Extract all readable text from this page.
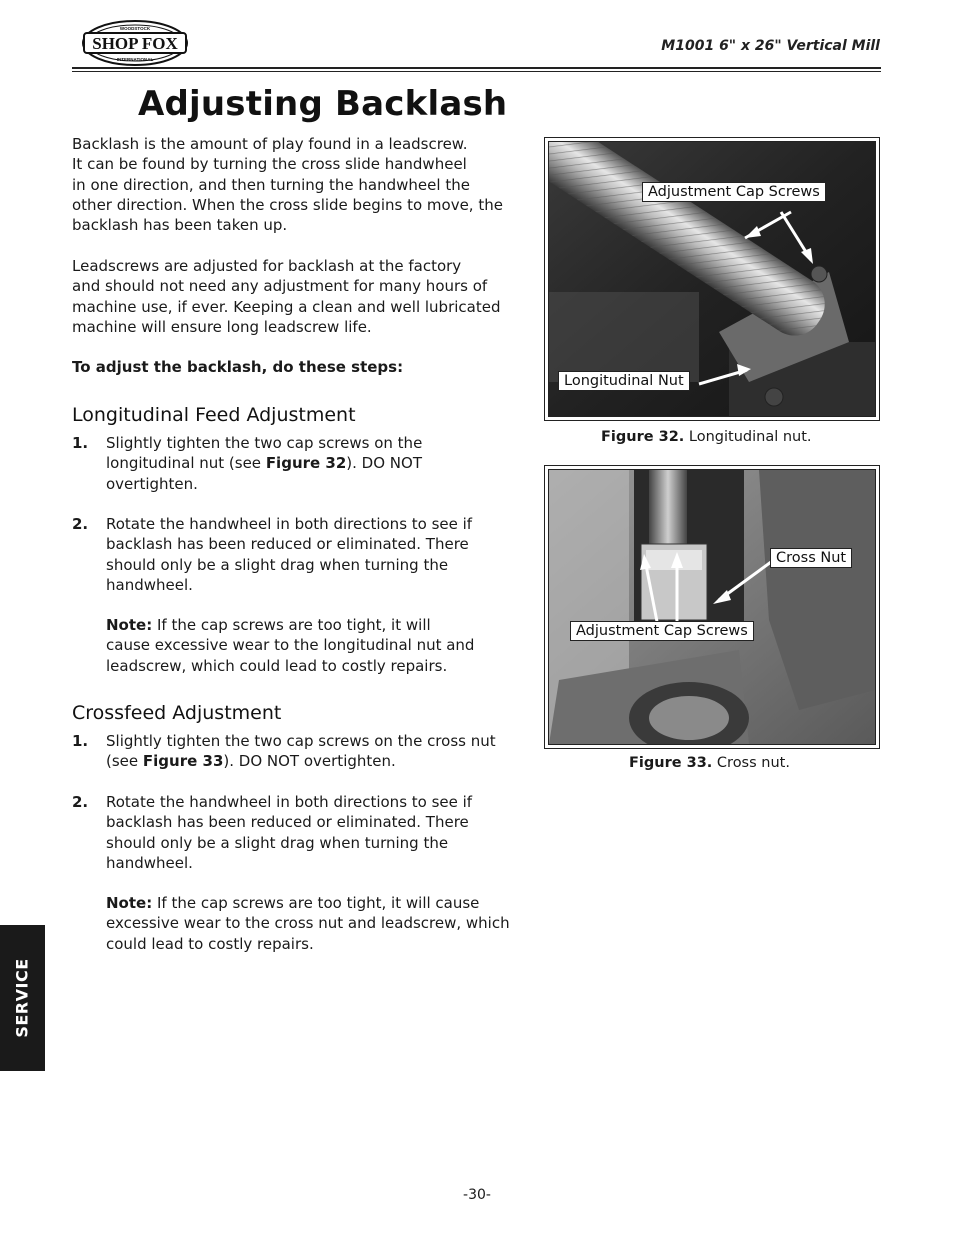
SHOP FOX
WOODSTOCK
INTERNATIONAL
M1001 6" x 26" Vertical Mill
Adjusting Backlash
Backlash is the amount of play found in a leadscrew.
It can be found by turning the cross slide handwheel
in one direction, and then turning the handwheel the
other direction. When the cross slide begins to move, the
backlash has been taken up.
Leadscrews are adjusted for backlash at the factory
and should not need any adjustment for many hours of
machine use, if ever. Keeping a clean and well lubricated
machine will ensure long leadscrew life.
To adjust the backlash, do these steps:
Longitudinal Feed Adjustment
1. Slightly tighten the two cap screws on the
longitudinal nut (see Figure 32). DO NOT
overtighten.
2. Rotate the handwheel in both directions to see if
backlash has been reduced or eliminated. There
should only be a slight drag when turning the
handwheel.
Note: If the cap screws are too tight, it will
cause excessive wear to the longitudinal nut and
leadscrew, which could lead to costly repairs.
Crossfeed Adjustment
1. Slightly tighten the two cap screws on the cross nut
(see Figure 33). DO NOT overtighten.
2. Rotate the handwheel in both directions to see if
backlash has been reduced or eliminated. There
should only be a slight drag when turning the
handwheel.
Note: If the cap screws are too tight, it will cause
excessive wear to the cross nut and leadscrew, which
could lead to costly repairs.
Adjustment Cap Screws
Longitudinal Nut
Figure 32. Longitudinal nut.
Cross Nut
Adjustment Cap Screws
Figure 33. Cross nut.
SERVICE
-30-
